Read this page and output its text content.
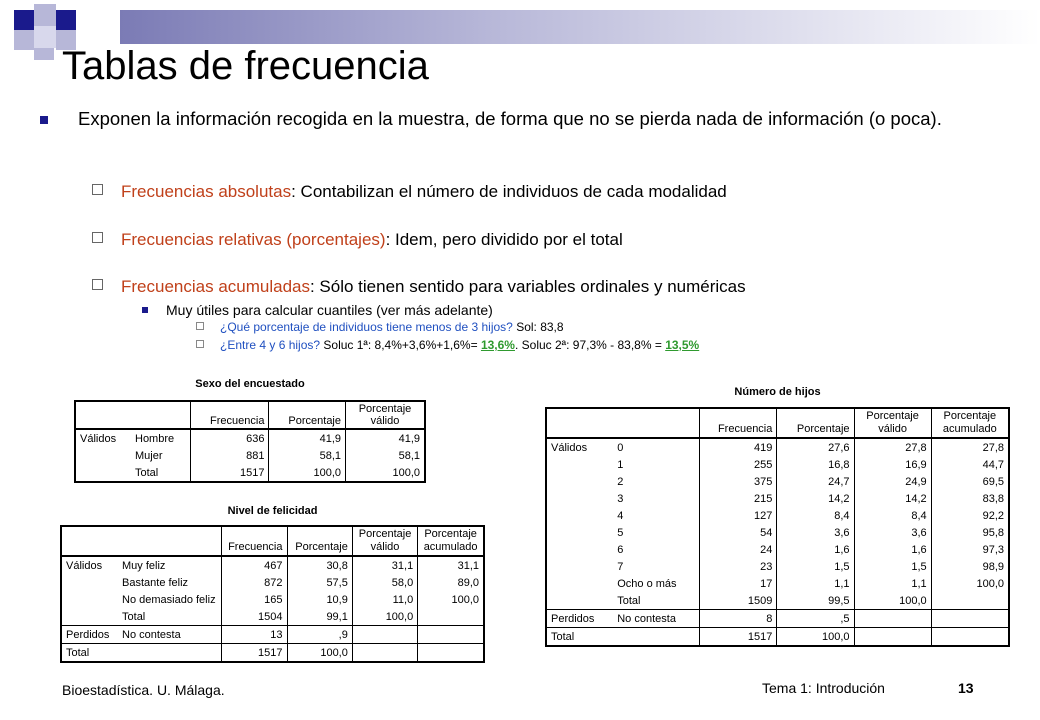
Tablas de frecuencia
Exponen la información recogida en la muestra, de forma que no se pierda nada de información (o poca).
Frecuencias absolutas: Contabilizan el número de individuos de cada modalidad
Frecuencias relativas (porcentajes): Idem, pero dividido por el total
Frecuencias acumuladas: Sólo tienen sentido para variables ordinales y numéricas
Muy útiles para calcular cuantiles (ver más adelante)
¿Qué porcentaje de individuos tiene menos de 3 hijos? Sol: 83,8
¿Entre 4 y 6 hijos? Soluc 1ª: 8,4%+3,6%+1,6%= 13,6%. Soluc 2ª: 97,3% - 83,8% = 13,5%
Sexo del encuestado
		Frecuencia	Porcentaje	Porcentaje válido
Válidos	Hombre	636	41,9	41,9
	Mujer	881	58,1	58,1
	Total	1517	100,0	100,0
Nivel de felicidad
		Frecuencia	Porcentaje	Porcentaje válido	Porcentaje acumulado
Válidos	Muy feliz	467	30,8	31,1	31,1
	Bastante feliz	872	57,5	58,0	89,0
	No demasiado feliz	165	10,9	11,0	100,0
	Total	1504	99,1	100,0	
Perdidos	No contesta	13	,9		
Total		1517	100,0		
Número de hijos
		Frecuencia	Porcentaje	Porcentaje válido	Porcentaje acumulado
Válidos	0	419	27,6	27,8	27,8
	1	255	16,8	16,9	44,7
	2	375	24,7	24,9	69,5
	3	215	14,2	14,2	83,8
	4	127	8,4	8,4	92,2
	5	54	3,6	3,6	95,8
	6	24	1,6	1,6	97,3
	7	23	1,5	1,5	98,9
	Ocho o más	17	1,1	1,1	100,0
	Total	1509	99,5	100,0	
Perdidos	No contesta	8	,5		
Total		1517	100,0		
Bioestadística. U. Málaga.	Tema 1: Introdución	13
